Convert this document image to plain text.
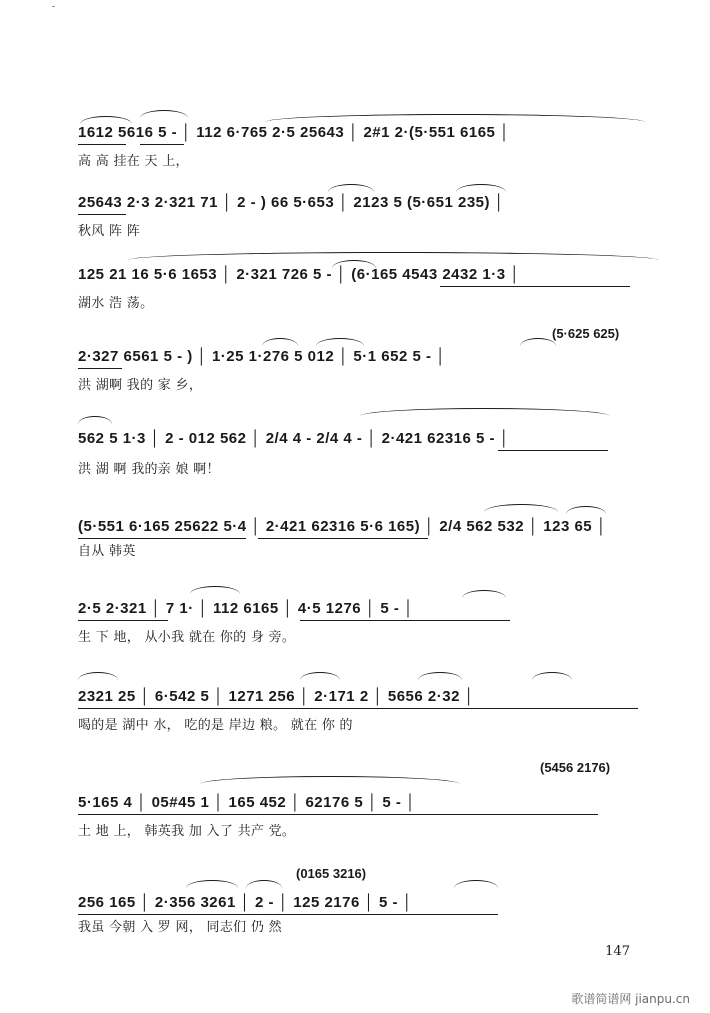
1612 5616 5 - │ 112 6·765 2·5 25643 │ 2#1 2·(5·551 6165 │
高 高 挂在 天 上，
25643 2·3 2·321 71 │ 2 - ) 66 5·653 │ 2123 5 (5·651 235) │
秋风 阵 阵
125 21 16 5·6 1653 │ 2·321 726 5 - │ (6·165 4543 2432 1·3 │
湖水 浩 荡。
(5·625 625)
2·327 6561 5 - ) │ 1·25 1·276 5 012 │ 5·1 652 5 - │
洪 湖啊 我的 家 乡，
562 5 1·3 │ 2 - 012 562 │ 2/4 4 - 2/4 4 - │ 2·421 62316 5 - │
洪 湖 啊 我的亲 娘 啊！
(5·551 6·165 25622 5·4 │ 2·421 62316 5·6 165) │ 2/4 562 532 │ 123 65 │
自从 韩英
2·5 2·321 │ 7 1· │ 112 6165 │ 4·5 1276 │ 5 - │
生 下 地， 从小我 就在 你的 身 旁。
2321 25 │ 6·542 5 │ 1271 256 │ 2·171 2 │ 5656 2·32 │
喝的是 湖中 水， 吃的是 岸边 粮。 就在 你 的
(5456 2176)
5·165 4 │ 05#45 1 │ 165 452 │ 62176 5 │ 5 - │
土 地 上， 韩英我 加 入了 共产 党。
(0165 3216)
256 165 │ 2·356 3261 │ 2 - │ 125 2176 │ 5 - │
我虽 今朝 入 罗 网， 同志们 仍 然
147
歌谱简谱网 jianpu.cn
